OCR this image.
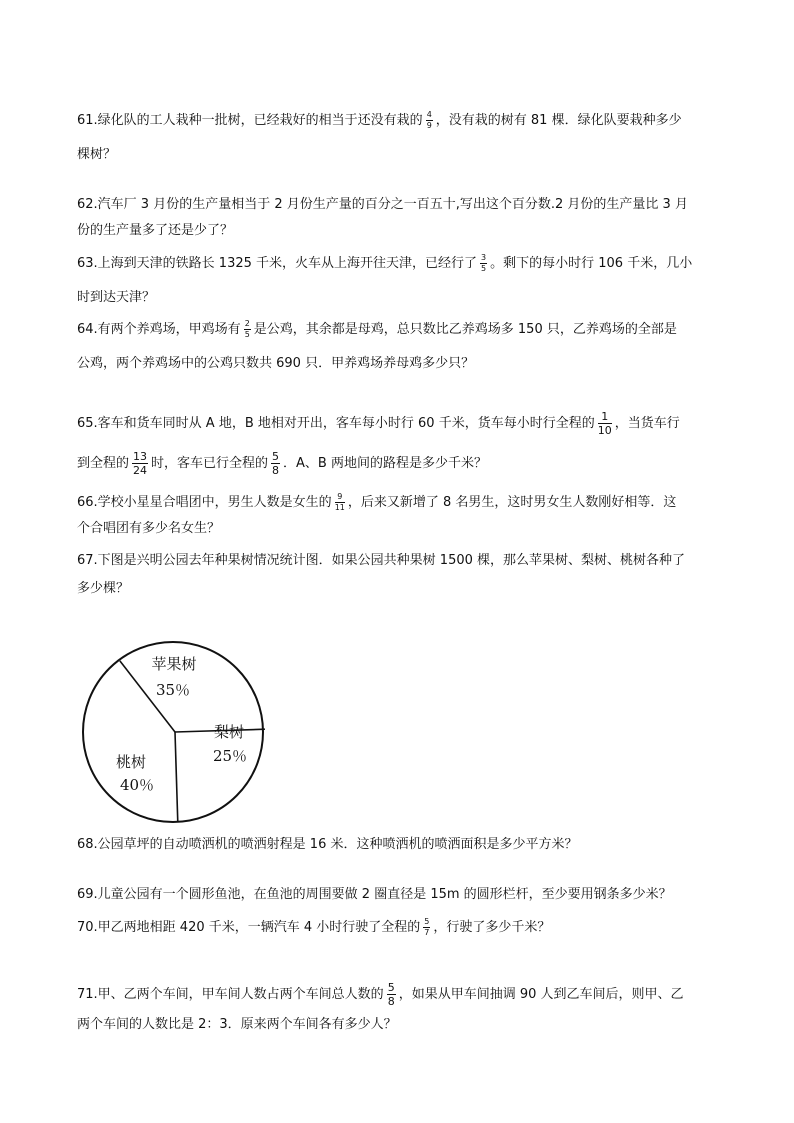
61.绿化队的工人栽种一批树，已经栽好的相当于还没有栽的 $\frac{4}{9}$ ，没有栽的树有 81 棵．绿化队要栽种多少
棵树？
62.汽车厂 3 月份的生产量相当于 2 月份生产量的百分之一百五十,写出这个百分数.2 月份的生产量比 3 月
份的生产量多了还是少了？
63.上海到天津的铁路长 1325 千米，火车从上海开往天津，已经行了 $\frac{3}{5}$ 。剩下的每小时行 106 千米，几小
时到达天津？
64.有两个养鸡场，甲鸡场有 $\frac{2}{5}$ 是公鸡，其余都是母鸡，总只数比乙养鸡场多 150 只，乙养鸡场的全部是
公鸡，两个养鸡场中的公鸡只数共 690 只．甲养鸡场养母鸡多少只？
65.客车和货车同时从 A 地，B 地相对开出，客车每小时行 60 千米，货车每小时行全程的 $\frac{1}{10}$ ，当货车行
到全程的 $\frac{13}{24}$ 时，客车已行全程的 $\frac{5}{8}$ ．A、B 两地间的路程是多少千米？
66.学校小星星合唱团中，男生人数是女生的 $\frac{9}{11}$ ，后来又新增了 8 名男生，这时男女生人数刚好相等．这
个合唱团有多少名女生？
67.下图是兴明公园去年种果树情况统计图．如果公园共种果树 1500 棵，那么苹果树、梨树、桃树各种了
多少棵？
苹果树
35％
梨树
25％
桃树
40％
68.公园草坪的自动喷洒机的喷洒射程是 16 米．这种喷洒机的喷洒面积是多少平方米？
69.儿童公园有一个圆形鱼池，在鱼池的周围要做 2 圈直径是 15m 的圆形栏杆，至少要用钢条多少米？
70.甲乙两地相距 420 千米，一辆汽车 4 小时行驶了全程的 $\frac{5}{7}$ ，行驶了多少千米？
71.甲、乙两个车间，甲车间人数占两个车间总人数的 $\frac{5}{8}$ ，如果从甲车间抽调 90 人到乙车间后，则甲、乙
两个车间的人数比是 2：3．原来两个车间各有多少人？
